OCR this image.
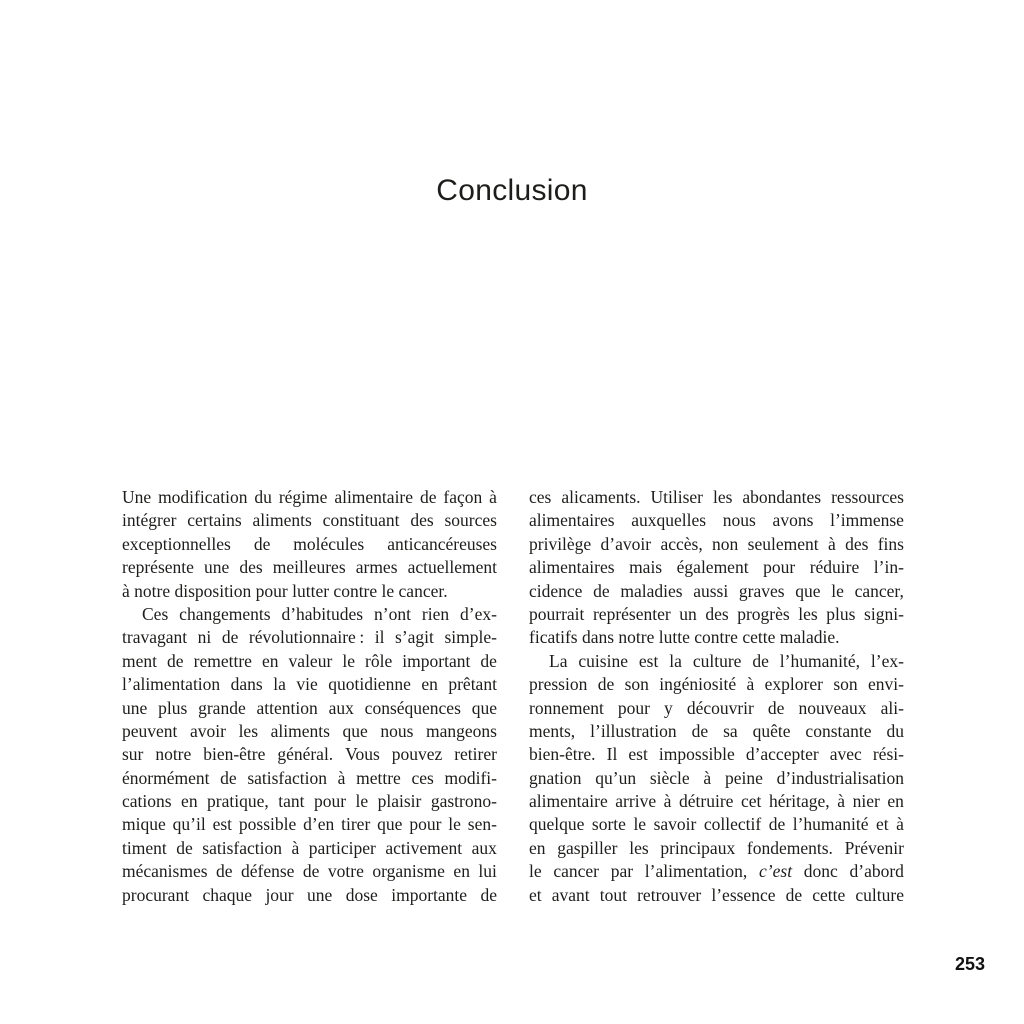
Conclusion
Une modification du régime alimentaire de façon à
intégrer certains aliments constituant des sources
exceptionnelles de molécules anticancéreuses
représente une des meilleures armes actuellement
à notre disposition pour lutter contre le cancer.
Ces changements d’habitudes n’ont rien d’ex-
travagant ni de révolutionnaire : il s’agit simple-
ment de remettre en valeur le rôle important de
l’alimentation dans la vie quotidienne en prêtant
une plus grande attention aux conséquences que
peuvent avoir les aliments que nous mangeons
sur notre bien-être général. Vous pouvez retirer
énormément de satisfaction à mettre ces modifi-
cations en pratique, tant pour le plaisir gastrono-
mique qu’il est possible d’en tirer que pour le sen-
timent de satisfaction à participer activement aux
mécanismes de défense de votre organisme en lui
procurant chaque jour une dose importante de
ces alicaments. Utiliser les abondantes ressources
alimentaires auxquelles nous avons l’immense
privilège d’avoir accès, non seulement à des fins
alimentaires mais également pour réduire l’in-
cidence de maladies aussi graves que le cancer,
pourrait représenter un des progrès les plus signi-
ficatifs dans notre lutte contre cette maladie.
La cuisine est la culture de l’humanité, l’ex-
pression de son ingéniosité à explorer son envi-
ronnement pour y découvrir de nouveaux ali-
ments, l’illustration de sa quête constante du
bien-être. Il est impossible d’accepter avec rési-
gnation qu’un siècle à peine d’industrialisation
alimentaire arrive à détruire cet héritage, à nier en
quelque sorte le savoir collectif de l’humanité et à
en gaspiller les principaux fondements. Prévenir
le cancer par l’alimentation, c’est donc d’abord
et avant tout retrouver l’essence de cette culture
253
